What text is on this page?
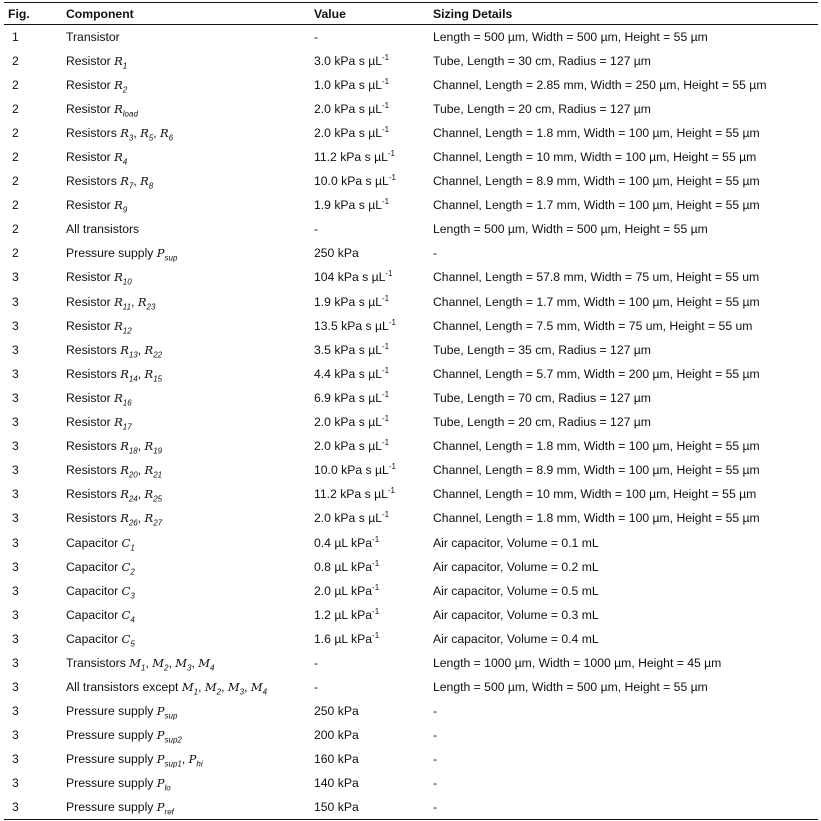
Fig.	Component	Value	Sizing Details
1	Transistor	-	Length = 500 µm, Width = 500 µm, Height = 55 µm
2	Resistor $R_1$	3.0 kPa s µL$^{-1}$	Tube, Length = 30 cm, Radius = 127 µm
2	Resistor $R_2$	1.0 kPa s µL$^{-1}$	Channel, Length = 2.85 mm, Width = 250 µm, Height = 55 µm
2	Resistor $R_{load}$	2.0 kPa s µL$^{-1}$	Tube, Length = 20 cm, Radius = 127 µm
2	Resistors $R_3$, $R_5$, $R_6$	2.0 kPa s µL$^{-1}$	Channel, Length = 1.8 mm, Width = 100 µm, Height = 55 µm
2	Resistor $R_4$	11.2 kPa s µL$^{-1}$	Channel, Length = 10 mm, Width = 100 µm, Height = 55 µm
2	Resistors $R_7$, $R_8$	10.0 kPa s µL$^{-1}$	Channel, Length = 8.9 mm, Width = 100 µm, Height = 55 µm
2	Resistor $R_9$	1.9 kPa s µL$^{-1}$	Channel, Length = 1.7 mm, Width = 100 µm, Height = 55 µm
2	All transistors	-	Length = 500 µm, Width = 500 µm, Height = 55 µm
2	Pressure supply $P_{sup}$	250 kPa	-
3	Resistor $R_{10}$	104 kPa s µL$^{-1}$	Channel, Length = 57.8 mm, Width = 75 um, Height = 55 um
3	Resistor $R_{11}$, $R_{23}$	1.9 kPa s µL$^{-1}$	Channel, Length = 1.7 mm, Width = 100 µm, Height = 55 µm
3	Resistor $R_{12}$	13.5 kPa s µL$^{-1}$	Channel, Length = 7.5 mm, Width = 75 um, Height = 55 um
3	Resistors $R_{13}$, $R_{22}$	3.5 kPa s µL$^{-1}$	Tube, Length = 35 cm, Radius = 127 µm
3	Resistors $R_{14}$, $R_{15}$	4.4 kPa s µL$^{-1}$	Channel, Length = 5.7 mm, Width = 200 µm, Height = 55 µm
3	Resistor $R_{16}$	6.9 kPa s µL$^{-1}$	Tube, Length = 70 cm, Radius = 127 µm
3	Resistor $R_{17}$	2.0 kPa s µL$^{-1}$	Tube, Length = 20 cm, Radius = 127 µm
3	Resistors $R_{18}$, $R_{19}$	2.0 kPa s µL$^{-1}$	Channel, Length = 1.8 mm, Width = 100 µm, Height = 55 µm
3	Resistors $R_{20}$, $R_{21}$	10.0 kPa s µL$^{-1}$	Channel, Length = 8.9 mm, Width = 100 µm, Height = 55 µm
3	Resistors $R_{24}$, $R_{25}$	11.2 kPa s µL$^{-1}$	Channel, Length = 10 mm, Width = 100 µm, Height = 55 µm
3	Resistors $R_{26}$, $R_{27}$	2.0 kPa s µL$^{-1}$	Channel, Length = 1.8 mm, Width = 100 µm, Height = 55 µm
3	Capacitor $C_1$	0.4 µL kPa$^{-1}$	Air capacitor, Volume = 0.1 mL
3	Capacitor $C_2$	0.8 µL kPa$^{-1}$	Air capacitor, Volume = 0.2 mL
3	Capacitor $C_3$	2.0 µL kPa$^{-1}$	Air capacitor, Volume = 0.5 mL
3	Capacitor $C_4$	1.2 µL kPa$^{-1}$	Air capacitor, Volume = 0.3 mL
3	Capacitor $C_5$	1.6 µL kPa$^{-1}$	Air capacitor, Volume = 0.4 mL
3	Transistors $M_1$, $M_2$, $M_3$, $M_4$	-	Length = 1000 µm, Width = 1000 µm, Height = 45 µm
3	All transistors except $M_1$, $M_2$, $M_3$, $M_4$	-	Length = 500 µm, Width = 500 µm, Height = 55 µm
3	Pressure supply $P_{sup}$	250 kPa	-
3	Pressure supply $P_{sup2}$	200 kPa	-
3	Pressure supply $P_{sup1}$, $P_{hi}$	160 kPa	-
3	Pressure supply $P_{lo}$	140 kPa	-
3	Pressure supply $P_{ref}$	150 kPa	-
